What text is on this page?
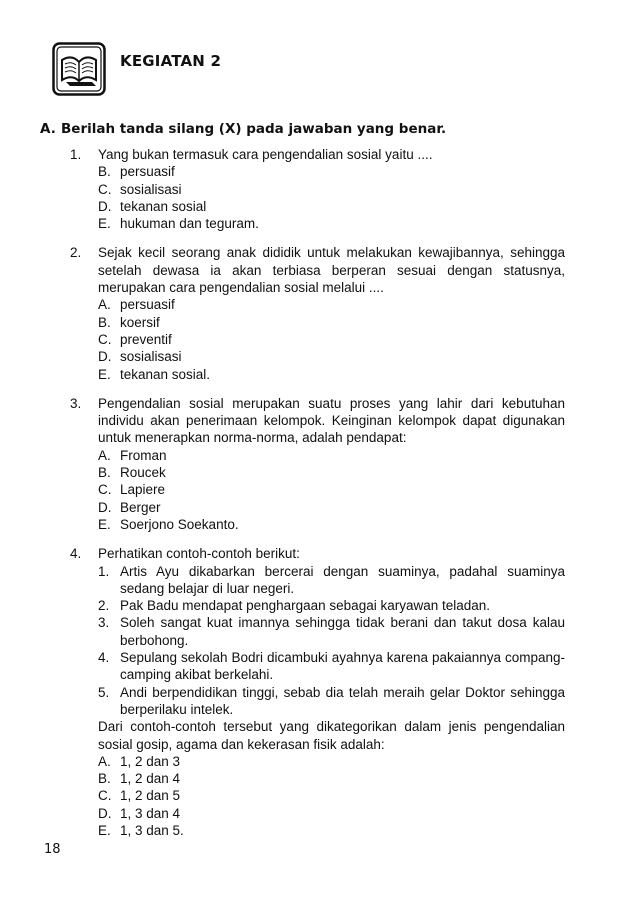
KEGIATAN 2
A. Berilah tanda silang (X) pada jawaban yang benar.
1.	Yang bukan termasuk cara pengendalian sosial yaitu ....
B. persuasif
C. sosialisasi
D. tekanan sosial
E. hukuman dan teguram.
2.	Sejak kecil seorang anak dididik untuk melakukan kewajibannya, sehingga setelah dewasa ia akan terbiasa berperan sesuai dengan statusnya, merupakan cara pengendalian sosial melalui ....
A. persuasif
B. koersif
C. preventif
D. sosialisasi
E. tekanan sosial.
3.	Pengendalian sosial merupakan suatu proses yang lahir dari kebutuhan individu akan penerimaan kelompok. Keinginan kelompok dapat digunakan untuk menerapkan norma-norma, adalah pendapat:
A. Froman
B. Roucek
C. Lapiere
D. Berger
E. Soerjono Soekanto.
4.	Perhatikan contoh-contoh berikut:
1. Artis Ayu dikabarkan bercerai dengan suaminya, padahal suaminya sedang belajar di luar negeri.
2. Pak Badu mendapat penghargaan sebagai karyawan teladan.
3. Soleh sangat kuat imannya sehingga tidak berani dan takut dosa kalau berbohong.
4. Sepulang sekolah Bodri dicambuki ayahnya karena pakaiannya compang-camping akibat berkelahi.
5. Andi berpendidikan tinggi, sebab dia telah meraih gelar Doktor sehingga berperilaku intelek.
Dari contoh-contoh tersebut yang dikategorikan dalam jenis pengendalian sosial gosip, agama dan kekerasan fisik adalah:
A. 1, 2 dan 3
B. 1, 2 dan 4
C. 1, 2 dan 5
D. 1, 3 dan 4
E. 1, 3 dan 5.
18
